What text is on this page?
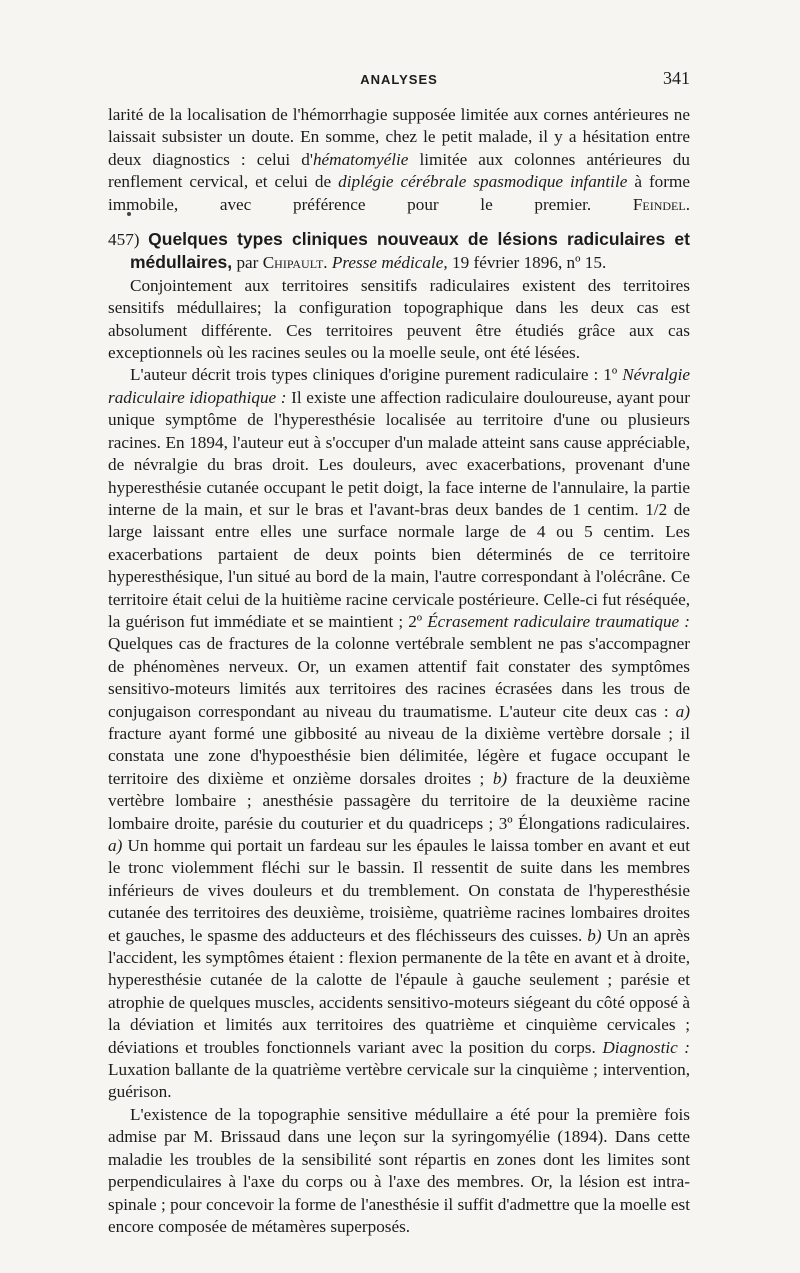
ANALYSES	341

larité de la localisation de l'hémorrhagie supposée limitée aux cornes antérieures ne laissait subsister un doute. En somme, chez le petit malade, il y a hésitation entre deux diagnostics : celui d'hématomyélie limitée aux colonnes antérieures du renflement cervical, et celui de diplégie cérébrale spasmodique infantile à forme immobile, avec préférence pour le premier. Feindel.

457) Quelques types cliniques nouveaux de lésions radiculaires et médullaires, par Chipault. Presse médicale, 19 février 1896, nº 15.

Conjointement aux territoires sensitifs radiculaires existent des territoires sensitifs médullaires; la configuration topographique dans les deux cas est absolument différente. Ces territoires peuvent être étudiés grâce aux cas exceptionnels où les racines seules ou la moelle seule, ont été lésées.

L'auteur décrit trois types cliniques d'origine purement radiculaire : 1º Névralgie radiculaire idiopathique : Il existe une affection radiculaire douloureuse, ayant pour unique symptôme de l'hyperesthésie localisée au territoire d'une ou plusieurs racines. En 1894, l'auteur eut à s'occuper d'un malade atteint sans cause appréciable, de névralgie du bras droit. Les douleurs, avec exacerbations, provenant d'une hyperesthésie cutanée occupant le petit doigt, la face interne de l'annulaire, la partie interne de la main, et sur le bras et l'avant-bras deux bandes de 1 centim. 1/2 de large laissant entre elles une surface normale large de 4 ou 5 centim. Les exacerbations partaient de deux points bien déterminés de ce territoire hyperesthésique, l'un situé au bord de la main, l'autre correspondant à l'olécrâne. Ce territoire était celui de la huitième racine cervicale postérieure. Celle-ci fut réséquée, la guérison fut immédiate et se maintient ; 2º Écrasement radiculaire traumatique : Quelques cas de fractures de la colonne vertébrale semblent ne pas s'accompagner de phénomènes nerveux. Or, un examen attentif fait constater des symptômes sensitivo-moteurs limités aux territoires des racines écrasées dans les trous de conjugaison correspondant au niveau du traumatisme. L'auteur cite deux cas : a) fracture ayant formé une gibbosité au niveau de la dixième vertèbre dorsale ; il constata une zone d'hypoesthésie bien délimitée, légère et fugace occupant le territoire des dixième et onzième dorsales droites ; b) fracture de la deuxième vertèbre lombaire ; anesthésie passagère du territoire de la deuxième racine lombaire droite, parésie du couturier et du quadriceps ; 3º Élongations radiculaires. a) Un homme qui portait un fardeau sur les épaules le laissa tomber en avant et eut le tronc violemment fléchi sur le bassin. Il ressentit de suite dans les membres inférieurs de vives douleurs et du tremblement. On constata de l'hyperesthésie cutanée des territoires des deuxième, troisième, quatrième racines lombaires droites et gauches, le spasme des adducteurs et des fléchisseurs des cuisses. b) Un an après l'accident, les symptômes étaient : flexion permanente de la tête en avant et à droite, hyperesthésie cutanée de la calotte de l'épaule à gauche seulement ; parésie et atrophie de quelques muscles, accidents sensitivo-moteurs siégeant du côté opposé à la déviation et limités aux territoires des quatrième et cinquième cervicales ; déviations et troubles fonctionnels variant avec la position du corps. Diagnostic : Luxation ballante de la quatrième vertèbre cervicale sur la cinquième ; intervention, guérison.

L'existence de la topographie sensitive médullaire a été pour la première fois admise par M. Brissaud dans une leçon sur la syringomyélie (1894). Dans cette maladie les troubles de la sensibilité sont répartis en zones dont les limites sont perpendiculaires à l'axe du corps ou à l'axe des membres. Or, la lésion est intra-spinale ; pour concevoir la forme de l'anesthésie il suffit d'admettre que la moelle est encore composée de métamères superposés.
